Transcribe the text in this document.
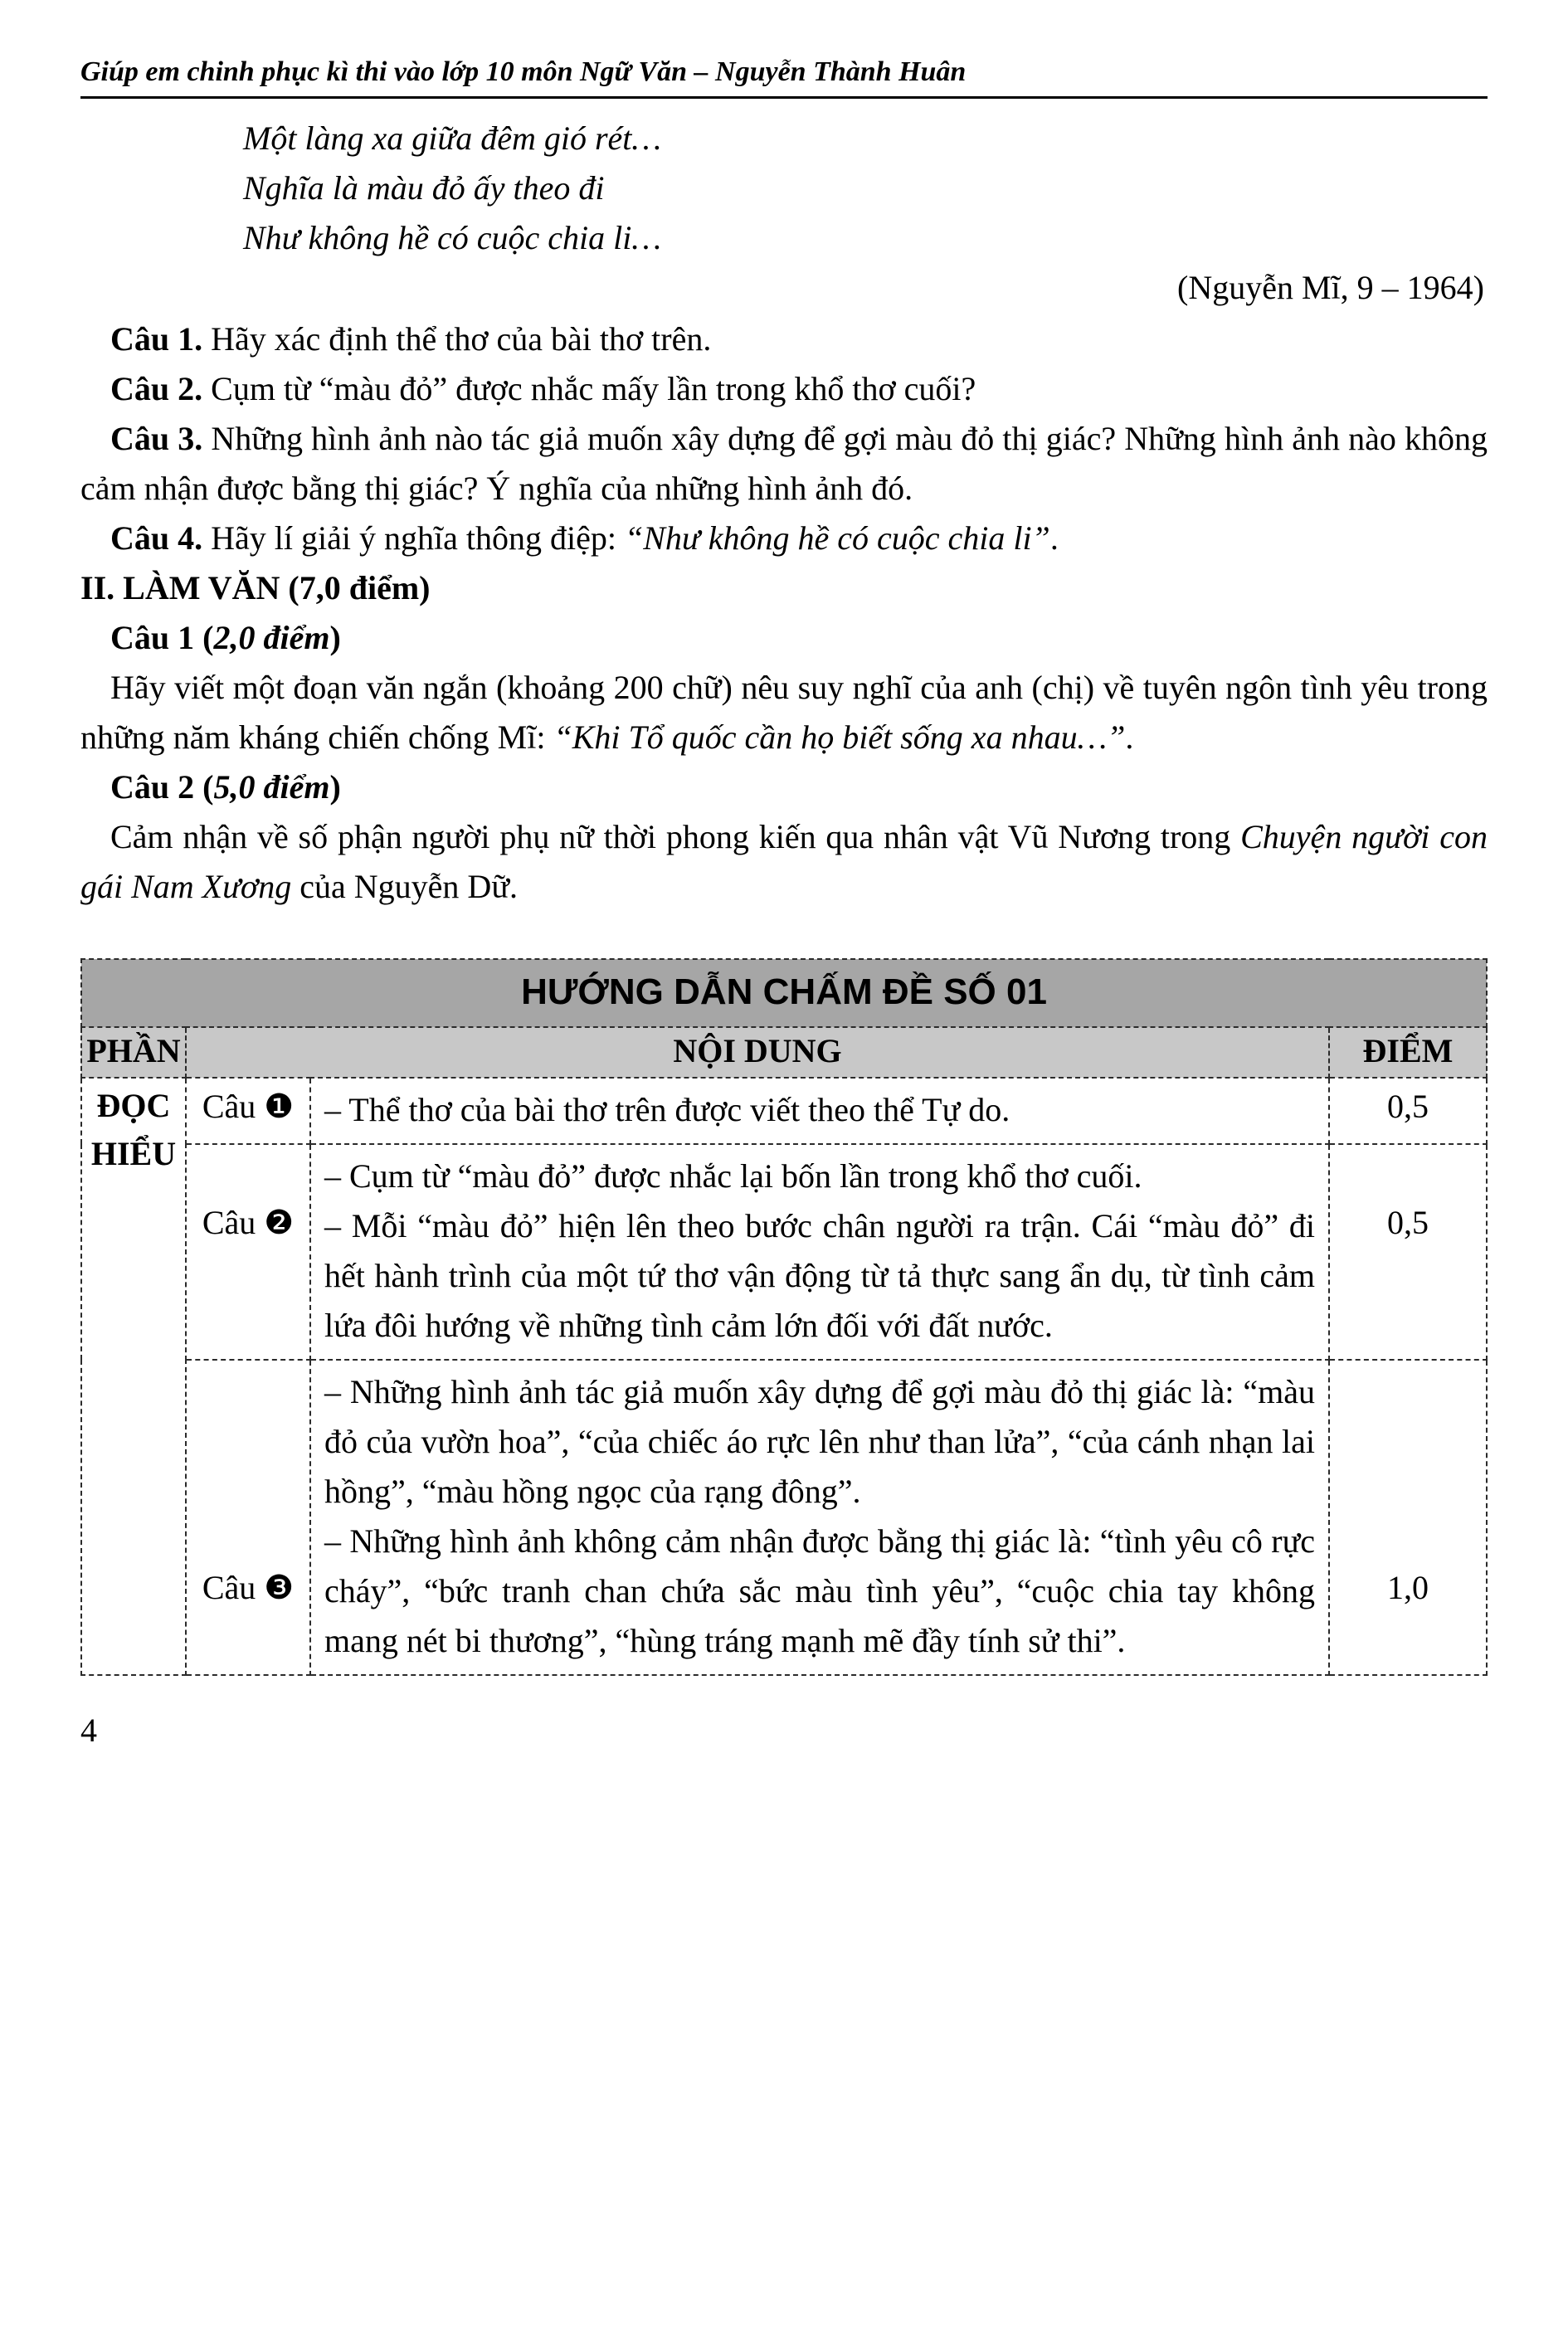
Giúp em chinh phục kì thi vào lớp 10 môn Ngữ Văn – Nguyễn Thành Huân
Một làng xa giữa đêm gió rét…
Nghĩa là màu đỏ ấy theo đi
Như không hề có cuộc chia li…
(Nguyễn Mĩ, 9 – 1964)

Câu 1. Hãy xác định thể thơ của bài thơ trên.

Câu 2. Cụm từ “màu đỏ” được nhắc mấy lần trong khổ thơ cuối?

Câu 3. Những hình ảnh nào tác giả muốn xây dựng để gợi màu đỏ thị giác? Những hình ảnh nào không cảm nhận được bằng thị giác? Ý nghĩa của những hình ảnh đó.

Câu 4. Hãy lí giải ý nghĩa thông điệp: “Như không hề có cuộc chia li”.

II. LÀM VĂN (7,0 điểm)

Câu 1 (2,0 điểm)

Hãy viết một đoạn văn ngắn (khoảng 200 chữ) nêu suy nghĩ của anh (chị) về tuyên ngôn tình yêu trong những năm kháng chiến chống Mĩ: “Khi Tổ quốc cần họ biết sống xa nhau…”.

Câu 2 (5,0 điểm)

Cảm nhận về số phận người phụ nữ thời phong kiến qua nhân vật Vũ Nương trong Chuyện người con gái Nam Xương của Nguyễn Dữ.

HƯỚNG DẪN CHẤM ĐỀ SỐ 01			
PHẦN	NỘI DUNG		ĐIỂM
ĐỌC HIỂU	Câu ❶	– Thể thơ của bài thơ trên được viết theo thể Tự do.	0,5
	Câu ❷	– Cụm từ “màu đỏ” được nhắc lại bốn lần trong khổ thơ cuối.
– Mỗi “màu đỏ” hiện lên theo bước chân người ra trận. Cái “màu đỏ” đi hết hành trình của một tứ thơ vận động từ tả thực sang ẩn dụ, từ tình cảm lứa đôi hướng về những tình cảm lớn đối với đất nước.	0,5
	Câu ❸	– Những hình ảnh tác giả muốn xây dựng để gợi màu đỏ thị giác là: “màu đỏ của vườn hoa”, “của chiếc áo rực lên như than lửa”, “của cánh nhạn lai hồng”, “màu hồng ngọc của rạng đông”.
– Những hình ảnh không cảm nhận được bằng thị giác là: “tình yêu cô rực cháy”, “bức tranh chan chứa sắc màu tình yêu”, “cuộc chia tay không mang nét bi thương”, “hùng tráng mạnh mẽ đầy tính sử thi”.	1,0
4
